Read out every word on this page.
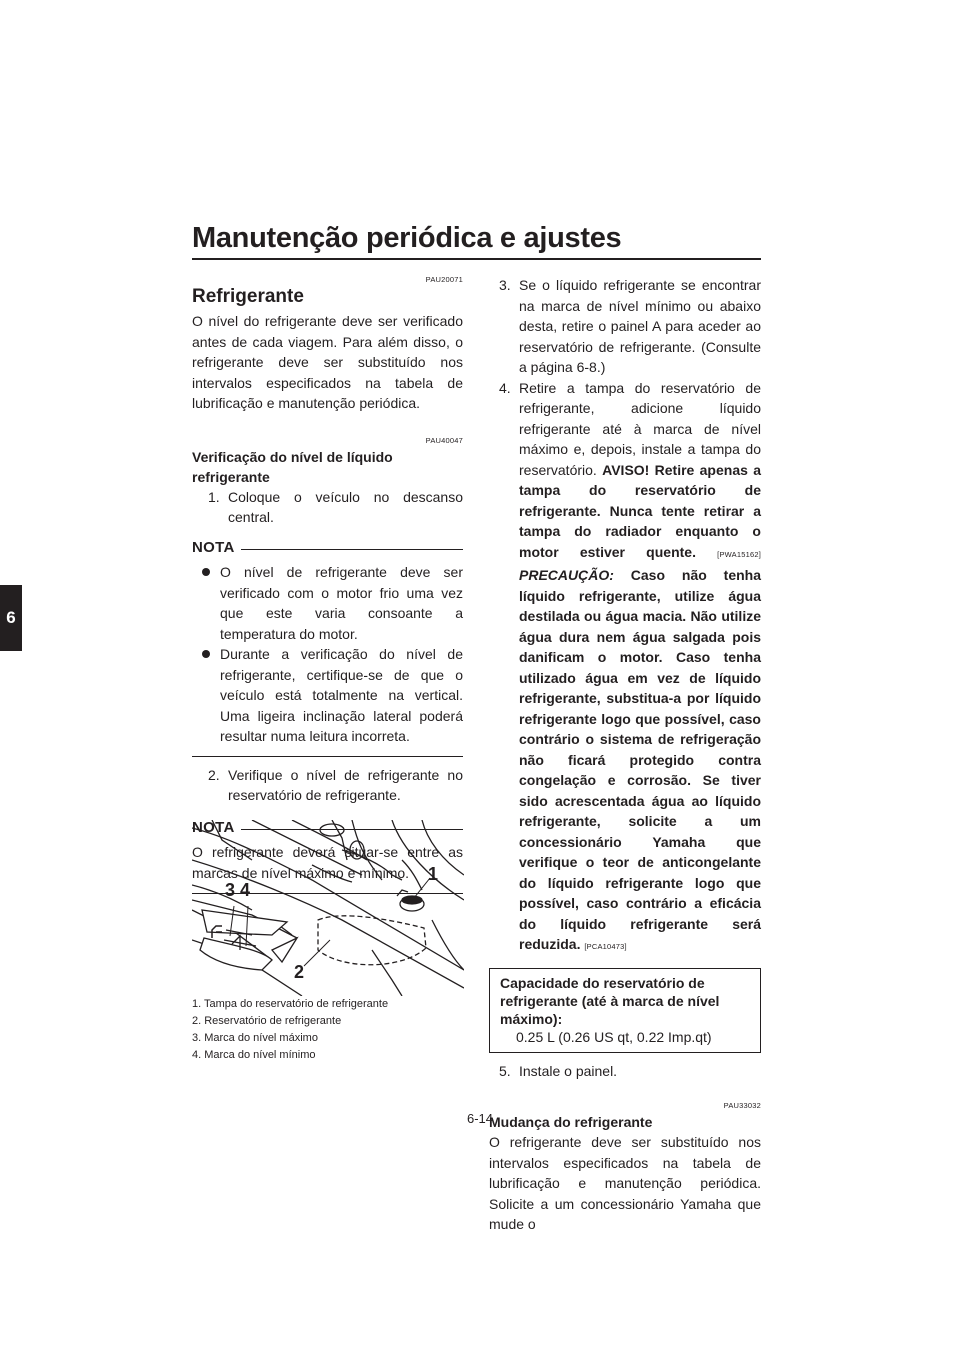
Manutenção periódica e ajustes
6
PAU20071
Refrigerante
O nível do refrigerante deve ser verificado antes de cada viagem. Para além disso, o refrigerante deve ser substituído nos intervalos especificados na tabela de lubrificação e manutenção periódica.
PAU40047
Verificação do nível de líquido refrigerante
1. Coloque o veículo no descanso central.
NOTA
O nível de refrigerante deve ser verificado com o motor frio uma vez que este varia consoante a temperatura do motor.
Durante a verificação do nível de refrigerante, certifique-se de que o veículo está totalmente na vertical. Uma ligeira inclinação lateral poderá resultar numa leitura incorreta.
2. Verifique o nível de refrigerante no reservatório de refrigerante.
NOTA
O refrigerante deverá situar-se entre as marcas de nível máximo e mínimo.
3 4
1
2
1. Tampa do reservatório de refrigerante
2. Reservatório de refrigerante
3. Marca do nível máximo
4. Marca do nível mínimo
3. Se o líquido refrigerante se encontrar na marca de nível mínimo ou abaixo desta, retire o painel A para aceder ao reservatório de refrigerante. (Consulte a página 6-8.)
4. Retire a tampa do reservatório de refrigerante, adicione líquido refrigerante até à marca de nível máximo e, depois, instale a tampa do reservatório. AVISO! Retire apenas a tampa do reservatório de refrigerante. Nunca tente retirar a tampa do radiador enquanto o motor estiver quente.	[PWA15162] PRECAUÇÃO: Caso não tenha líquido refrigerante, utilize água destilada ou água macia. Não utilize água dura nem água salgada pois danificam o motor. Caso tenha utilizado água em vez de líquido refrigerante, substitua-a por líquido refrigerante logo que possível, caso contrário o sistema de refrigeração não ficará protegido contra congelação e corrosão. Se tiver sido acrescentada água ao líquido refrigerante, solicite a um concessionário Yamaha que verifique o teor de anticongelante do líquido refrigerante logo que possível, caso contrário a eficácia do líquido refrigerante será reduzida. [PCA10473]
Capacidade do reservatório de refrigerante (até à marca de nível máximo):
0.25 L (0.26 US qt, 0.22 Imp.qt)
5. Instale o painel.
PAU33032
Mudança do refrigerante
O refrigerante deve ser substituído nos intervalos especificados na tabela de lubrificação e manutenção periódica. Solicite a um concessionário Yamaha que mude o
6-14
